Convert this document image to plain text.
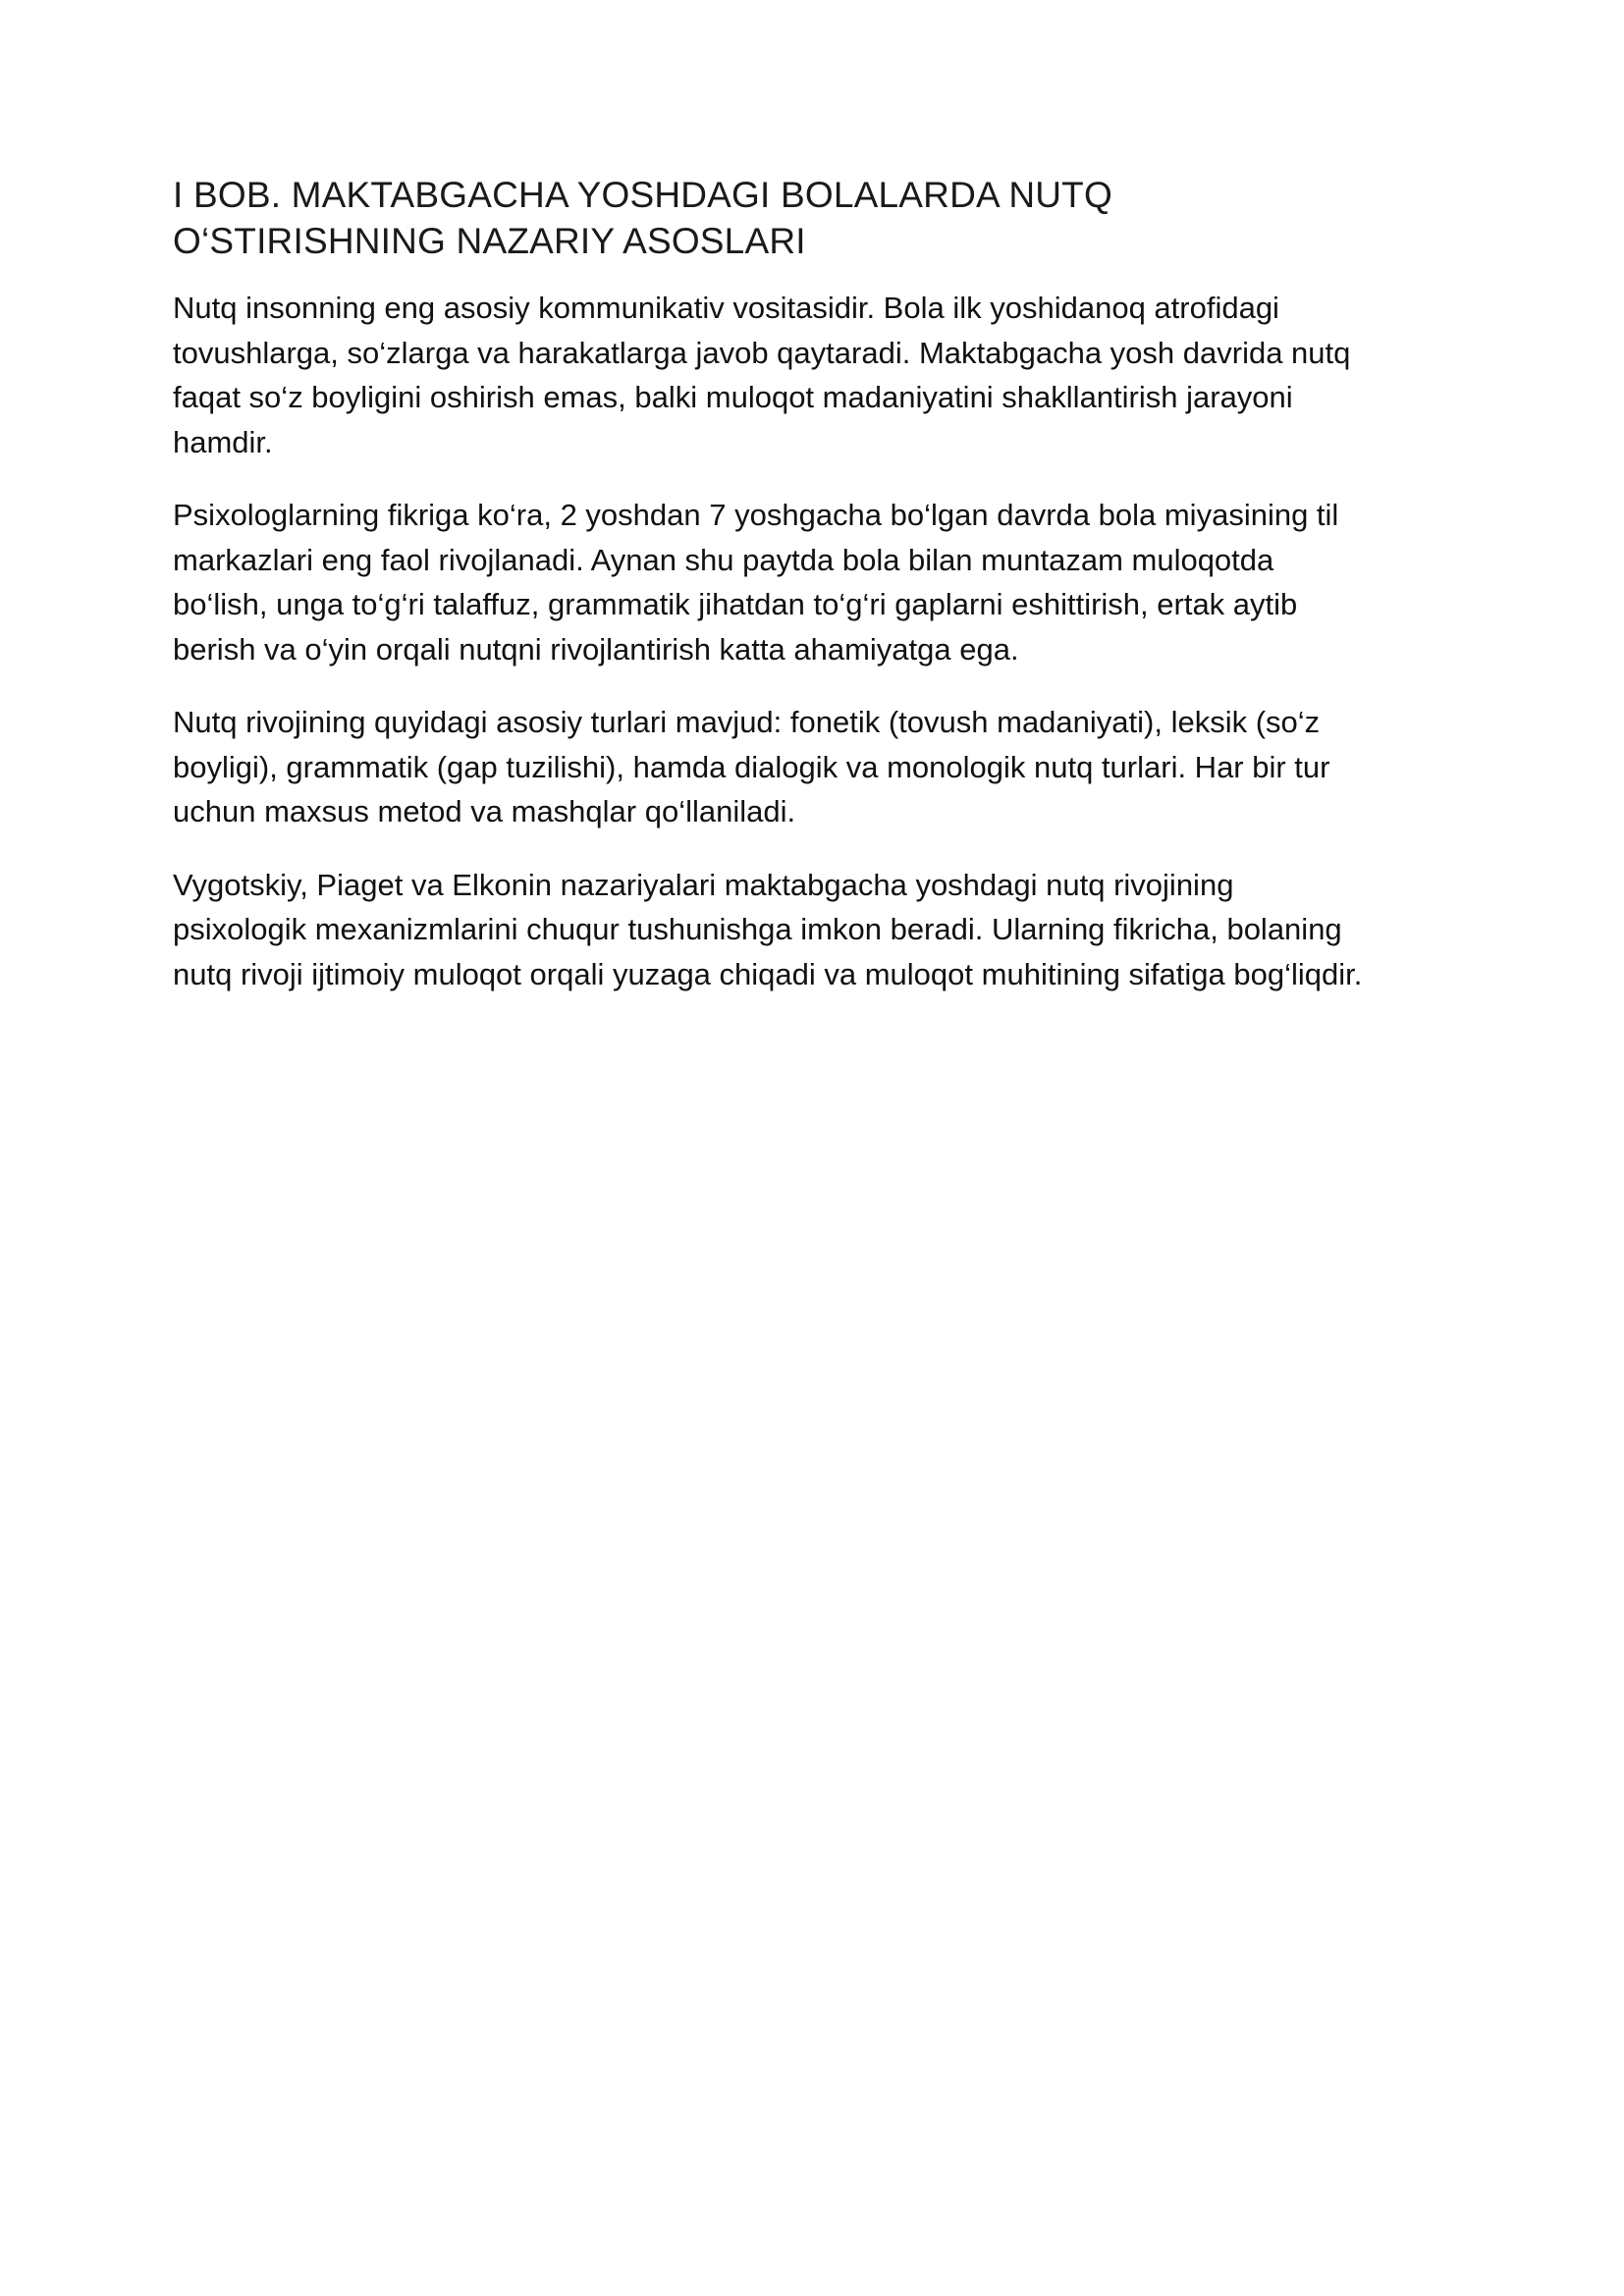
I BOB. MAKTABGACHA YOSHDAGI BOLALARDA NUTQ
O‘STIRISHNING NAZARIY ASOSLARI

Nutq insonning eng asosiy kommunikativ vositasidir. Bola ilk yoshidanoq atrofidagi
tovushlarga, so‘zlarga va harakatlarga javob qaytaradi. Maktabgacha yosh davrida nutq
faqat so‘z boyligini oshirish emas, balki muloqot madaniyatini shakllantirish jarayoni
hamdir.

Psixologlarning fikriga ko‘ra, 2 yoshdan 7 yoshgacha bo‘lgan davrda bola miyasining til
markazlari eng faol rivojlanadi. Aynan shu paytda bola bilan muntazam muloqotda
bo‘lish, unga to‘g‘ri talaffuz, grammatik jihatdan to‘g‘ri gaplarni eshittirish, ertak aytib
berish va o‘yin orqali nutqni rivojlantirish katta ahamiyatga ega.

Nutq rivojining quyidagi asosiy turlari mavjud: fonetik (tovush madaniyati), leksik (so‘z
boyligi), grammatik (gap tuzilishi), hamda dialogik va monologik nutq turlari. Har bir tur
uchun maxsus metod va mashqlar qo‘llaniladi.

Vygotskiy, Piaget va Elkonin nazariyalari maktabgacha yoshdagi nutq rivojining
psixologik mexanizmlarini chuqur tushunishga imkon beradi. Ularning fikricha, bolaning
nutq rivoji ijtimoiy muloqot orqali yuzaga chiqadi va muloqot muhitining sifatiga bog‘liqdir.
